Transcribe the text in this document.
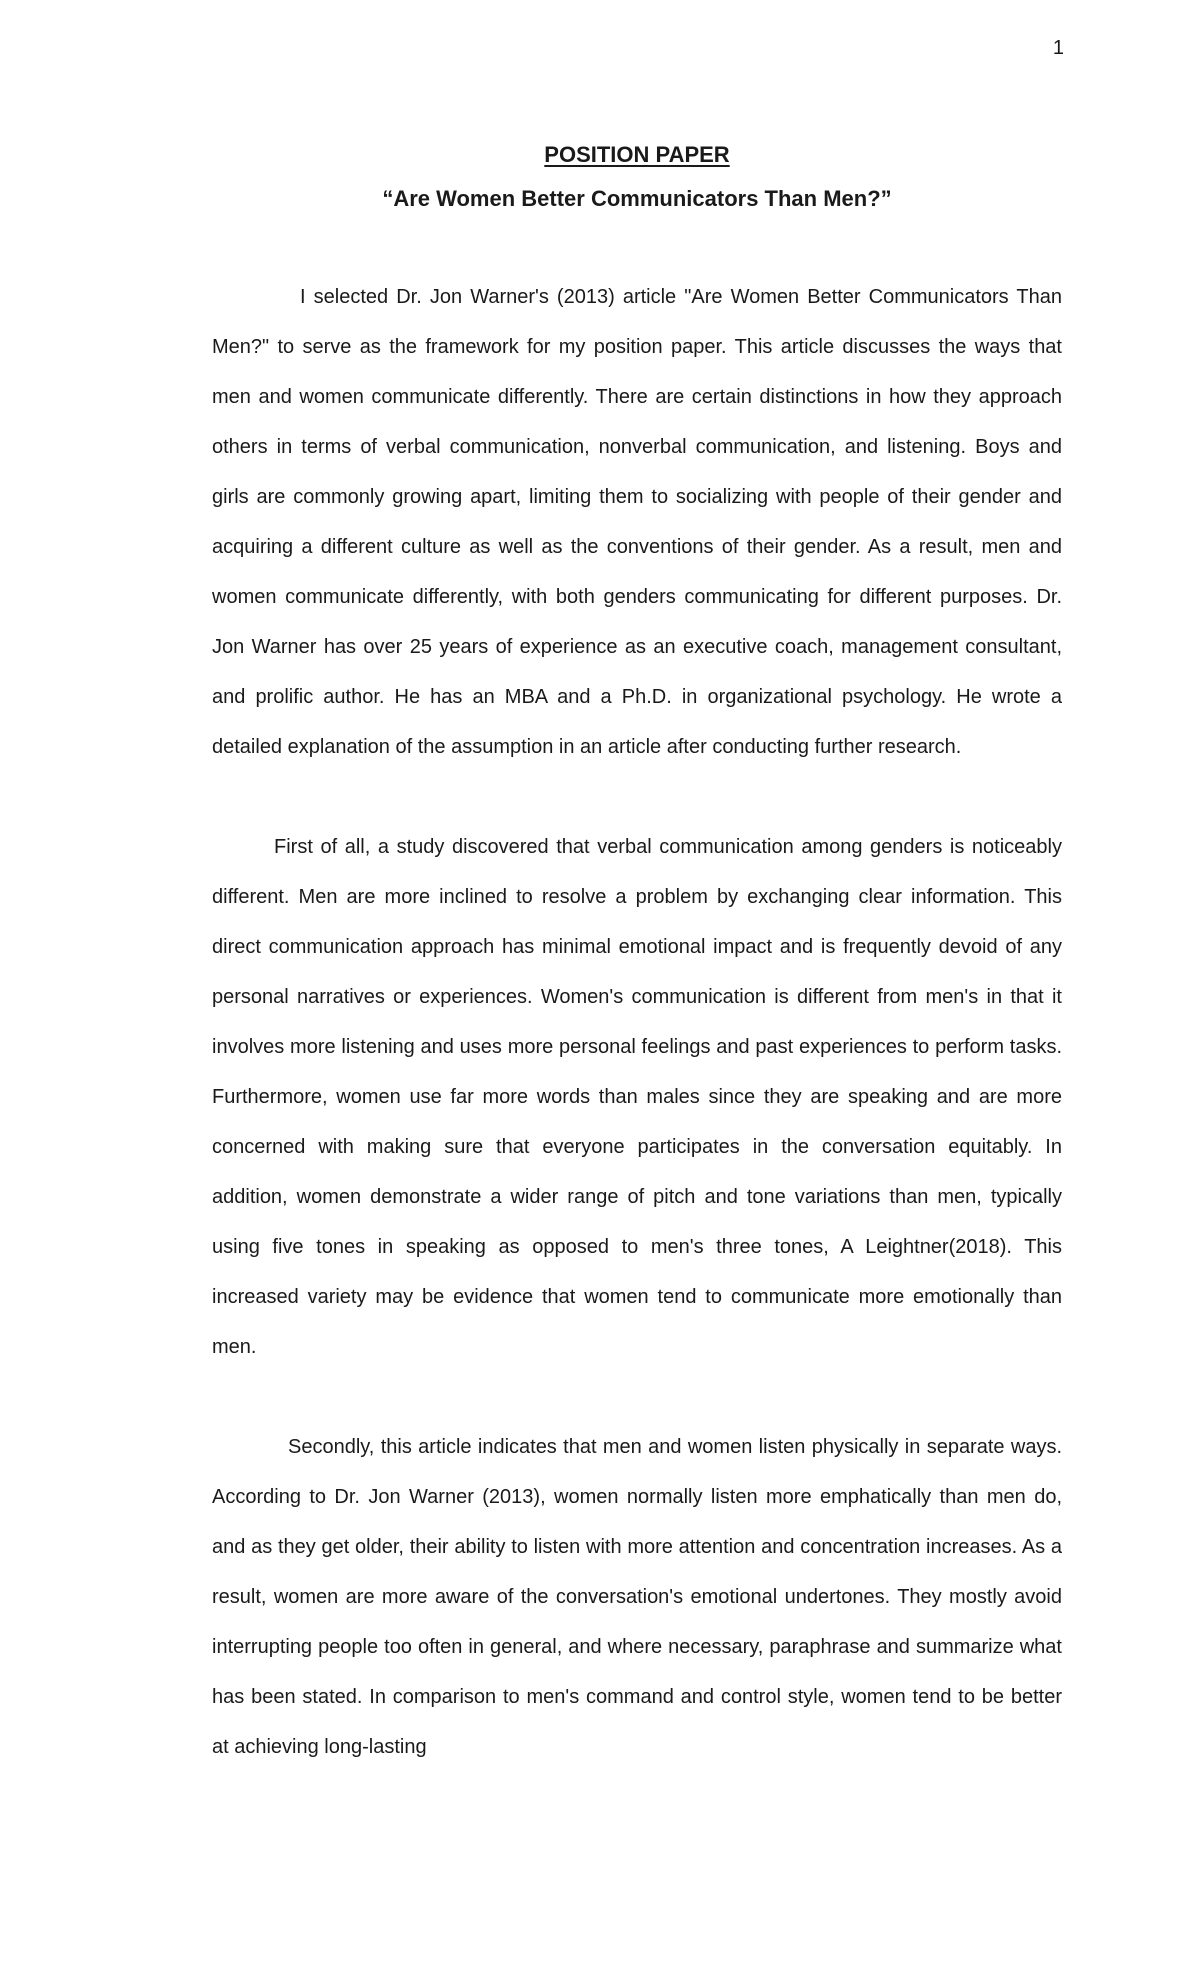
1
POSITION PAPER
“Are Women Better Communicators Than Men?”

I selected Dr. Jon Warner's (2013) article "Are Women Better Communicators Than Men?" to serve as the framework for my position paper. This article discusses the ways that men and women communicate differently. There are certain distinctions in how they approach others in terms of verbal communication, nonverbal communication, and listening. Boys and girls are commonly growing apart, limiting them to socializing with people of their gender and acquiring a different culture as well as the conventions of their gender. As a result, men and women communicate differently, with both genders communicating for different purposes. Dr. Jon Warner has over 25 years of experience as an executive coach, management consultant, and prolific author. He has an MBA and a Ph.D. in organizational psychology. He wrote a detailed explanation of the assumption in an article after conducting further research.

First of all, a study discovered that verbal communication among genders is noticeably different. Men are more inclined to resolve a problem by exchanging clear information. This direct communication approach has minimal emotional impact and is frequently devoid of any personal narratives or experiences. Women's communication is different from men's in that it involves more listening and uses more personal feelings and past experiences to perform tasks. Furthermore, women use far more words than males since they are speaking and are more concerned with making sure that everyone participates in the conversation equitably. In addition, women demonstrate a wider range of pitch and tone variations than men, typically using five tones in speaking as opposed to men's three tones, A Leightner(2018). This increased variety may be evidence that women tend to communicate more emotionally than men.

Secondly, this article indicates that men and women listen physically in separate ways. According to Dr. Jon Warner (2013), women normally listen more emphatically than men do, and as they get older, their ability to listen with more attention and concentration increases. As a result, women are more aware of the conversation's emotional undertones. They mostly avoid interrupting people too often in general, and where necessary, paraphrase and summarize what has been stated. In comparison to men's command and control style, women tend to be better at achieving long-lasting
